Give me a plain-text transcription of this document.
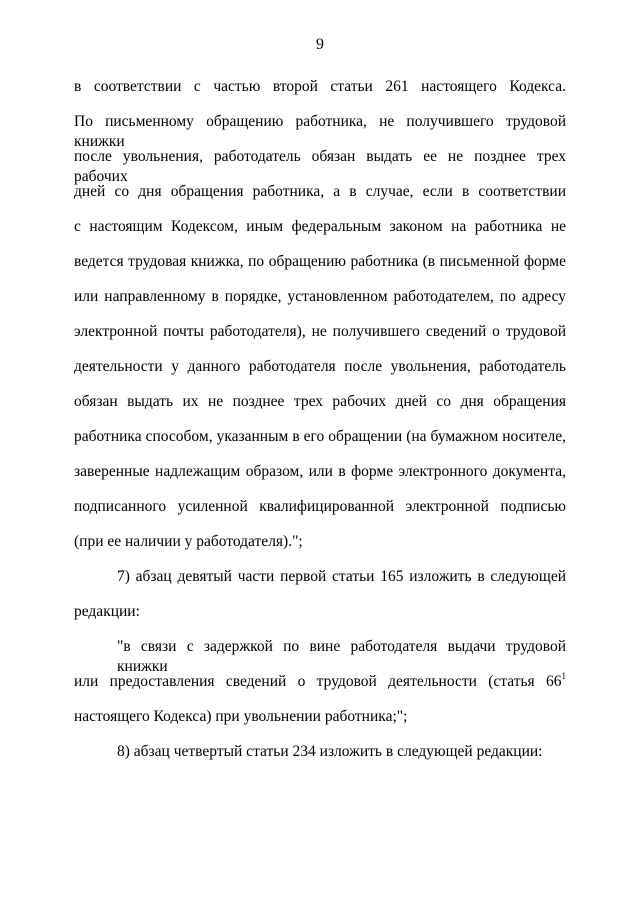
9
в соответствии с частью второй статьи 261 настоящего Кодекса.
По письменному обращению работника, не получившего трудовой книжки
после увольнения, работодатель обязан выдать ее не позднее трех рабочих
дней со дня обращения работника, а в случае, если в соответствии
с настоящим Кодексом, иным федеральным законом на работника не
ведется трудовая книжка, по обращению работника (в письменной форме
или направленному в порядке, установленном работодателем, по адресу
электронной почты работодателя), не получившего сведений о трудовой
деятельности у данного работодателя после увольнения, работодатель
обязан выдать их не позднее трех рабочих дней со дня обращения
работника способом, указанным в его обращении (на бумажном носителе,
заверенные надлежащим образом, или в форме электронного документа,
подписанного усиленной квалифицированной электронной подписью
(при ее наличии у работодателя).";
7) абзац девятый части первой статьи 165 изложить в следующей
редакции:
"в связи с задержкой по вине работодателя выдачи трудовой книжки
или предоставления сведений о трудовой деятельности (статья $66^1$
настоящего Кодекса) при увольнении работника;";
8) абзац четвертый статьи 234 изложить в следующей редакции:
